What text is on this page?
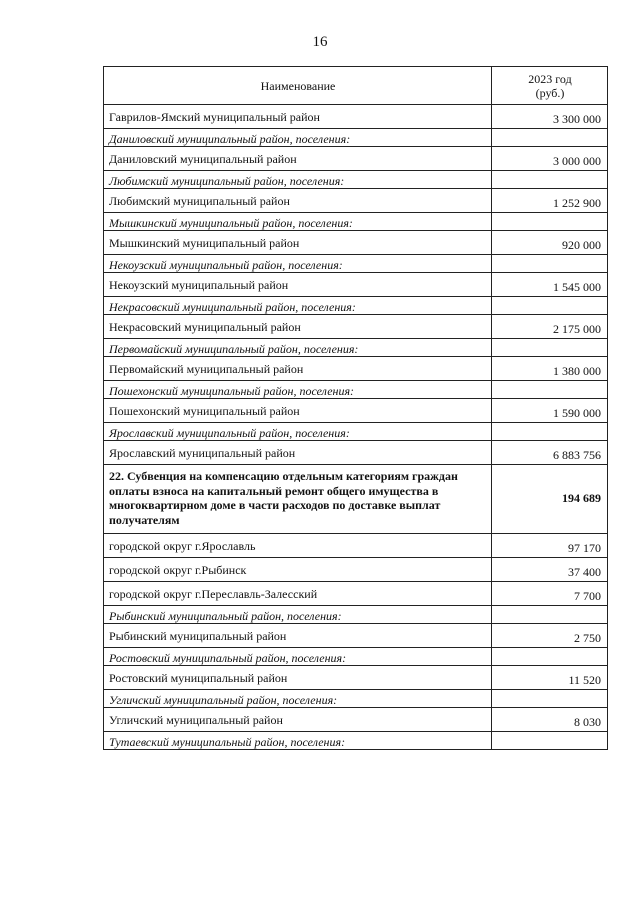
16
Наименование	2023 год
(руб.)
Гаврилов-Ямский муниципальный район	3 300 000
Даниловский муниципальный район, поселения:	
Даниловский муниципальный район	3 000 000
Любимский муниципальный район, поселения:	
Любимский муниципальный район	1 252 900
Мышкинский муниципальный район, поселения:	
Мышкинский муниципальный район	920 000
Некоузский муниципальный район, поселения:	
Некоузский муниципальный район	1 545 000
Некрасовский муниципальный район, поселения:	
Некрасовский муниципальный район	2 175 000
Первомайский муниципальный район, поселения:	
Первомайский муниципальный район	1 380 000
Пошехонский муниципальный район, поселения:	
Пошехонский муниципальный район	1 590 000
Ярославский муниципальный район, поселения:	
Ярославский муниципальный район	6 883 756
22. Субвенция на компенсацию отдельным категориям граждан оплаты взноса на капитальный ремонт общего имущества в многоквартирном доме в части расходов по доставке выплат получателям	194 689
городской округ г.Ярославль	97 170
городской округ г.Рыбинск	37 400
городской округ г.Переславль-Залесский	7 700
Рыбинский муниципальный район, поселения:	
Рыбинский муниципальный район	2 750
Ростовский муниципальный район, поселения:	
Ростовский муниципальный район	11 520
Угличский муниципальный район, поселения:	
Угличский муниципальный район	8 030
Тутаевский муниципальный район, поселения:	
